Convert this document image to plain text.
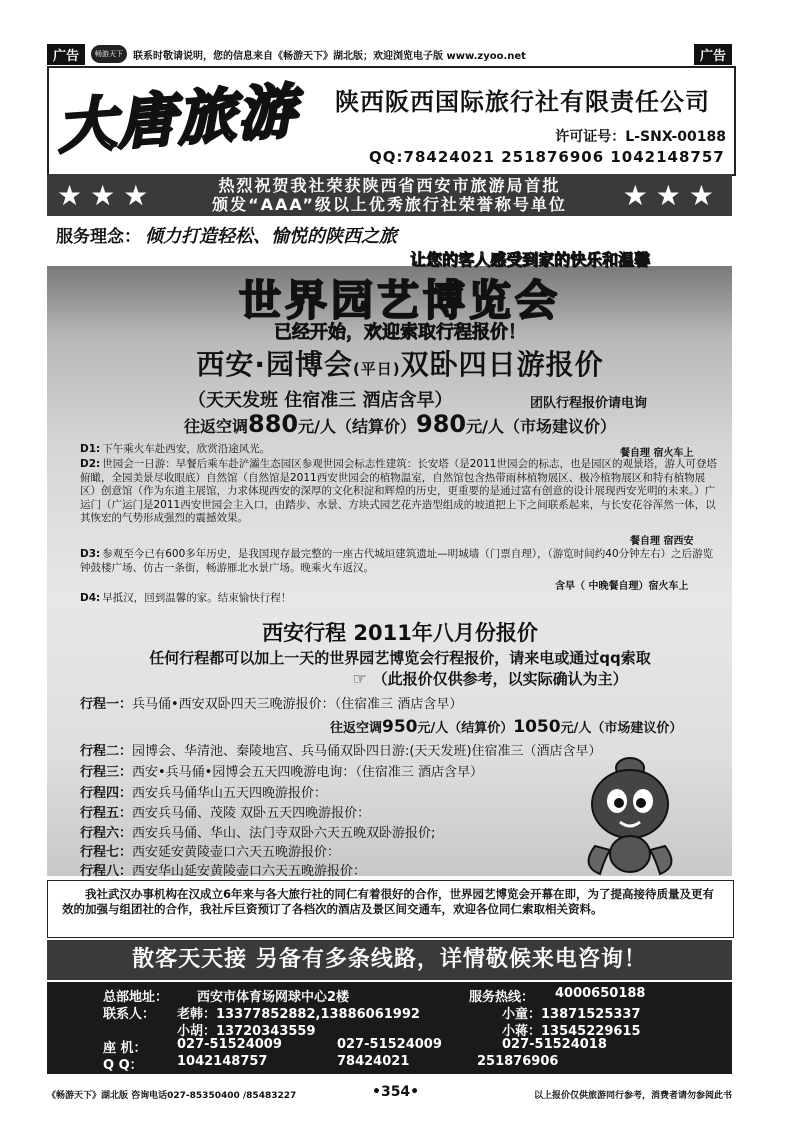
广告	畅游天下	联系时敬请说明，您的信息来自《畅游天下》湖北版；欢迎浏览电子版 www.zyoo.net	广告
大唐旅游 陕西阪西国际旅行社有限责任公司
许可证号：L-SNX-00188
QQ:78424021 251876906 1042148757
★★★	热烈祝贺我社荣获陕西省西安市旅游局首批
颁发“AAA”级以上优秀旅行社荣誉称号单位	★★★
服务理念： 倾力打造轻松、愉悦的陕西之旅
让您的客人感受到家的快乐和温馨
世界园艺博览会
已经开始，欢迎索取行程报价！
西安·园博会(平日)双卧四日游报价
（天天发班 住宿准三 酒店含早）	团队行程报价请电询
往返空调880元/人（结算价）980元/人（市场建议价）
D1: 下午乘火车赴西安，欣赏沿途风光。	餐自理 宿火车上
D2: 世园会一日游：早餐后乘车赴浐灞生态园区参观世园会标志性建筑：长安塔（是2011世园会的标志，也是园区的观景塔，游人可登塔俯瞰，全园美景尽收眼底）自然馆（自然馆是2011西安世园会的植物温室，自然馆包含热带雨林植物展区、极冷植物展区和特有植物展区）创意馆（作为东道主展馆，力求体现西安的深厚的文化积淀和辉煌的历史，更重要的是通过富有创意的设计展现西安光明的未来。）广运门（广运门是2011西安世园会主入口，由踏步、水景、方块式园艺花卉造型组成的坡道把上下之间联系起来，与长安花谷浑然一体，以其恢宏的气势形成强烈的震撼效果。
餐自理 宿西安
D3: 参观至今已有600多年历史，是我国现存最完整的一座古代城垣建筑遗址—明城墙（门票自理），（游览时间约40分钟左右）之后游览钟鼓楼广场、仿古一条街，畅游雁北水景广场。晚乘火车返汉。
含早（ 中晚餐自理）宿火车上
D4: 早抵汉，回到温馨的家。结束愉快行程！
西安行程 2011年八月份报价
任何行程都可以加上一天的世界园艺博览会行程报价，请来电或通过qq索取
☞ （此报价仅供参考，以实际确认为主）
行程一：兵马俑•西安双卧四天三晚游报价：（住宿准三 酒店含早）
往返空调950元/人（结算价）1050元/人（市场建议价）
行程二：园博会、华清池、秦陵地宫、兵马俑双卧四日游:(天天发班)住宿准三（酒店含早）
行程三：西安•兵马俑•园博会五天四晚游电询：（住宿准三 酒店含早）
行程四：西安兵马俑华山五天四晚游报价：
行程五：西安兵马俑、茂陵 双卧五天四晚游报价：
行程六：西安兵马俑、华山、法门寺双卧六天五晚双卧游报价;
行程七：西安延安黄陵壶口六天五晚游报价：
行程八：西安华山延安黄陵壶口六天五晚游报价：

我社武汉办事机构在汉成立6年来与各大旅行社的同仁有着很好的合作，世界园艺博览会开幕在即，为了提高接待质量及更有效的加强与组团社的合作，我社斥巨资预订了各档次的酒店及景区间交通车，欢迎各位同仁索取相关资料。

散客天天接 另备有多条线路，详情敬候来电咨询！
总部地址： 西安市体育场网球中心2楼	服务热线： 4000650188
联系人： 老韩：13377852882,13886061992	小童：13871525337
小胡：13720343559	小蒋：13545229615
座 机： 027-51524009	027-51524009	027-51524018
Q Q：	1042148757	78424021	251876906
《畅游天下》湖北版 咨询电话027-85350400 /85483227	•354•	以上报价仅供旅游同行参考，消费者请勿参阅此书
